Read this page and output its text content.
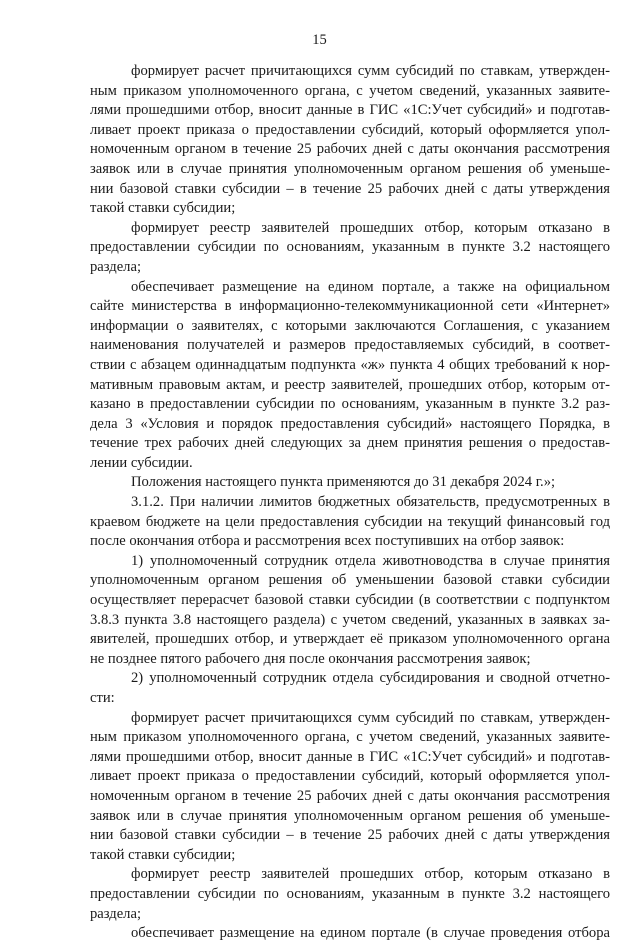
15
формирует расчет причитающихся сумм субсидий по ставкам, утвержден-
ным приказом уполномоченного органа, с учетом сведений, указанных заявите-
лями прошедшими отбор, вносит данные в ГИС «1С:Учет субсидий» и подготав-
ливает проект приказа о предоставлении субсидий, который оформляется упол-
номоченным органом в течение 25 рабочих дней с даты окончания рассмотрения
заявок или в случае принятия уполномоченным органом решения об уменьше-
нии базовой ставки субсидии – в течение 25 рабочих дней с даты утверждения
такой ставки субсидии;
формирует реестр заявителей прошедших отбор, которым отказано в
предоставлении субсидии по основаниям, указанным в пункте 3.2 настоящего
раздела;
обеспечивает размещение на едином портале, а также на официальном
сайте министерства в информационно-телекоммуникационной сети «Интернет»
информации о заявителях, с которыми заключаются Соглашения, с указанием
наименования получателей и размеров предоставляемых субсидий, в соответ-
ствии с абзацем одиннадцатым подпункта «ж» пункта 4 общих требований к нор-
мативным правовым актам, и реестр заявителей, прошедших отбор, которым от-
казано в предоставлении субсидии по основаниям, указанным в пункте 3.2 раз-
дела 3 «Условия и порядок предоставления субсидий» настоящего Порядка, в
течение трех рабочих дней следующих за днем принятия решения о предостав-
лении субсидии.
Положения настоящего пункта применяются до 31 декабря 2024 г.»;
3.1.2. При наличии лимитов бюджетных обязательств, предусмотренных в
краевом бюджете на цели предоставления субсидии на текущий финансовый год
после окончания отбора и рассмотрения всех поступивших на отбор заявок:
1) уполномоченный сотрудник отдела животноводства в случае принятия
уполномоченным органом решения об уменьшении базовой ставки субсидии
осуществляет перерасчет базовой ставки субсидии (в соответствии с подпунктом
3.8.3 пункта 3.8 настоящего раздела) с учетом сведений, указанных в заявках за-
явителей, прошедших отбор, и утверждает её приказом уполномоченного органа
не позднее пятого рабочего дня после окончания рассмотрения заявок;
2) уполномоченный сотрудник отдела субсидирования и сводной отчетно-
сти:
формирует расчет причитающихся сумм субсидий по ставкам, утвержден-
ным приказом уполномоченного органа, с учетом сведений, указанных заявите-
лями прошедшими отбор, вносит данные в ГИС «1С:Учет субсидий» и подготав-
ливает проект приказа о предоставлении субсидий, который оформляется упол-
номоченным органом в течение 25 рабочих дней с даты окончания рассмотрения
заявок или в случае принятия уполномоченным органом решения об уменьше-
нии базовой ставки субсидии – в течение 25 рабочих дней с даты утверждения
такой ставки субсидии;
формирует реестр заявителей прошедших отбор, которым отказано в
предоставлении субсидии по основаниям, указанным в пункте 3.2 настоящего
раздела;
обеспечивает размещение на едином портале (в случае проведения отбора
